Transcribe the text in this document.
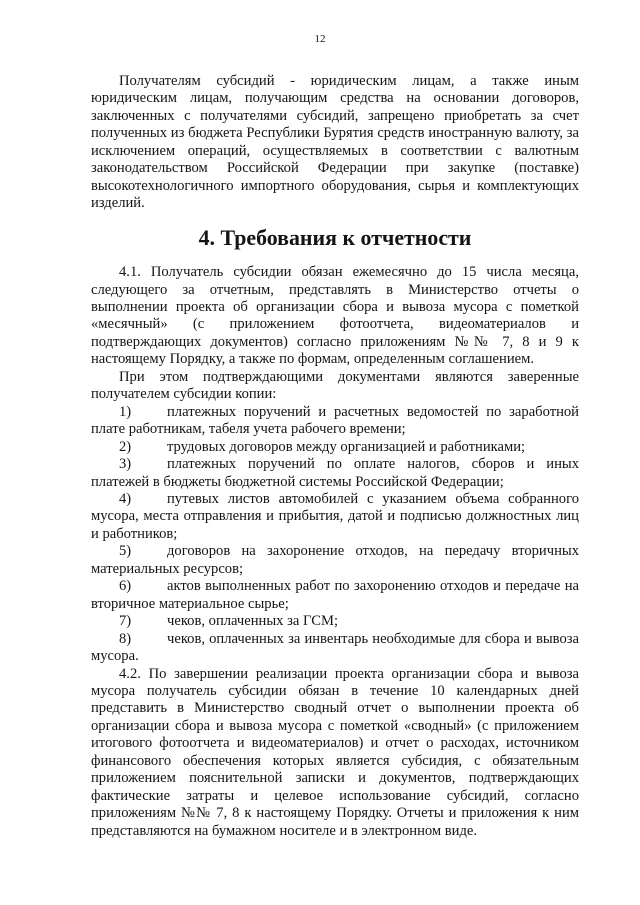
12

Получателям субсидий - юридическим лицам, а также иным юридическим лицам, получающим средства на основании договоров, заключенных с получателями субсидий, запрещено приобретать за счет полученных из бюджета Республики Бурятия средств иностранную валюту, за исключением операций, осуществляемых в соответствии с валютным законодательством Российской Федерации при закупке (поставке) высокотехнологичного импортного оборудования, сырья и комплектующих изделий.

4. Требования к отчетности

4.1. Получатель субсидии обязан ежемесячно до 15 числа месяца, следующего за отчетным, представлять в Министерство отчеты о выполнении проекта об организации сбора и вывоза мусора с пометкой «месячный» (с приложением фотоотчета, видеоматериалов и подтверждающих документов) согласно приложениям №№ 7, 8 и 9 к настоящему Порядку, а также по формам, определенным соглашением.

При этом подтверждающими документами являются заверенные получателем субсидии копии:

1) платежных поручений и расчетных ведомостей по заработной плате работникам, табеля учета рабочего времени;

2) трудовых договоров между организацией и работниками;

3) платежных поручений по оплате налогов, сборов и иных платежей в бюджеты бюджетной системы Российской Федерации;

4) путевых листов автомобилей с указанием объема собранного мусора, места отправления и прибытия, датой и подписью должностных лиц и работников;

5) договоров на захоронение отходов, на передачу вторичных материальных ресурсов;

6) актов выполненных работ по захоронению отходов и передаче на вторичное материальное сырье;

7) чеков, оплаченных за ГСМ;

8) чеков, оплаченных за инвентарь необходимые для сбора и вывоза мусора.

4.2. По завершении реализации проекта организации сбора и вывоза мусора получатель субсидии обязан в течение 10 календарных дней представить в Министерство сводный отчет о выполнении проекта об организации сбора и вывоза мусора с пометкой «сводный» (с приложением итогового фотоотчета и видеоматериалов) и отчет о расходах, источником финансового обеспечения которых является субсидия, с обязательным приложением пояснительной записки и документов, подтверждающих фактические затраты и целевое использование субсидий, согласно приложениям №№ 7, 8 к настоящему Порядку. Отчеты и приложения к ним представляются на бумажном носителе и в электронном виде.
